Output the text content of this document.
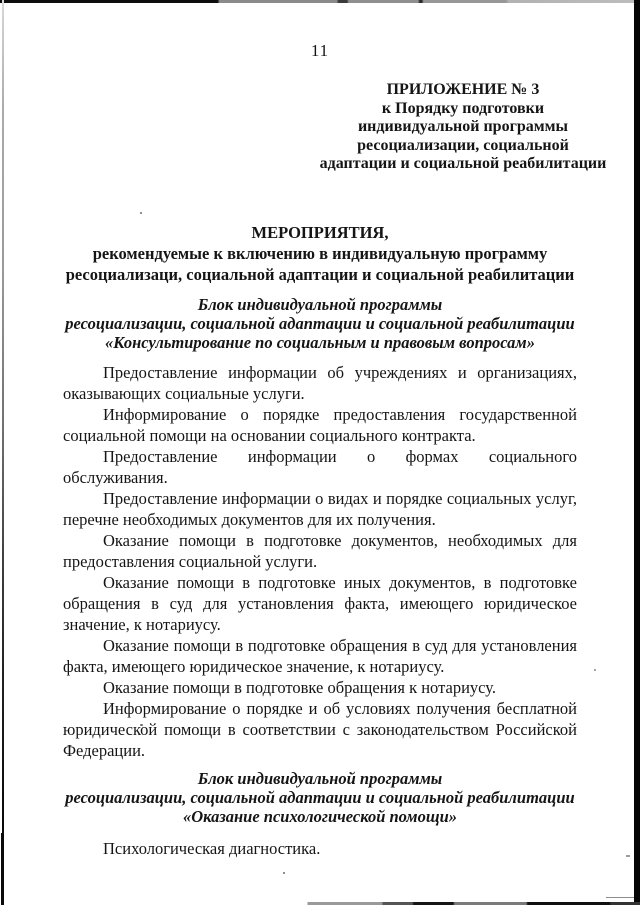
11
ПРИЛОЖЕНИЕ № 3
к Порядку подготовки
индивидуальной программы
ресоциализации, социальной
адаптации и социальной реабилитации
МЕРОПРИЯТИЯ,
рекомендуемые к включению в индивидуальную программу
ресоциализаци, социальной адаптации и социальной реабилитации
Блок индивидуальной программы
ресоциализации, социальной адаптации и социальной реабилитации
«Консультирование по социальным и правовым вопросам»

Предоставление информации об учреждениях и организациях, оказывающих социальные услуги.

Информирование о порядке предоставления государственной социальной помощи на основании социального контракта.

Предоставление информации о формах социального обслуживания.

Предоставление информации о видах и порядке социальных услуг, перечне необходимых документов для их получения.

Оказание помощи в подготовке документов, необходимых для предоставления социальной услуги.

Оказание помощи в подготовке иных документов, в подготовке обращения в суд для установления факта, имеющего юридическое значение, к нотариусу.

Оказание помощи в подготовке обращения в суд для установления факта, имеющего юридическое значение, к нотариусу.

Оказание помощи в подготовке обращения к нотариусу.

Информирование о порядке и об условиях получения бесплатной юридической помощи в соответствии с законодательством Российской Федерации.

Блок индивидуальной программы
ресоциализации, социальной адаптации и социальной реабилитации
«Оказание психологической помощи»

Психологическая диагностика.
